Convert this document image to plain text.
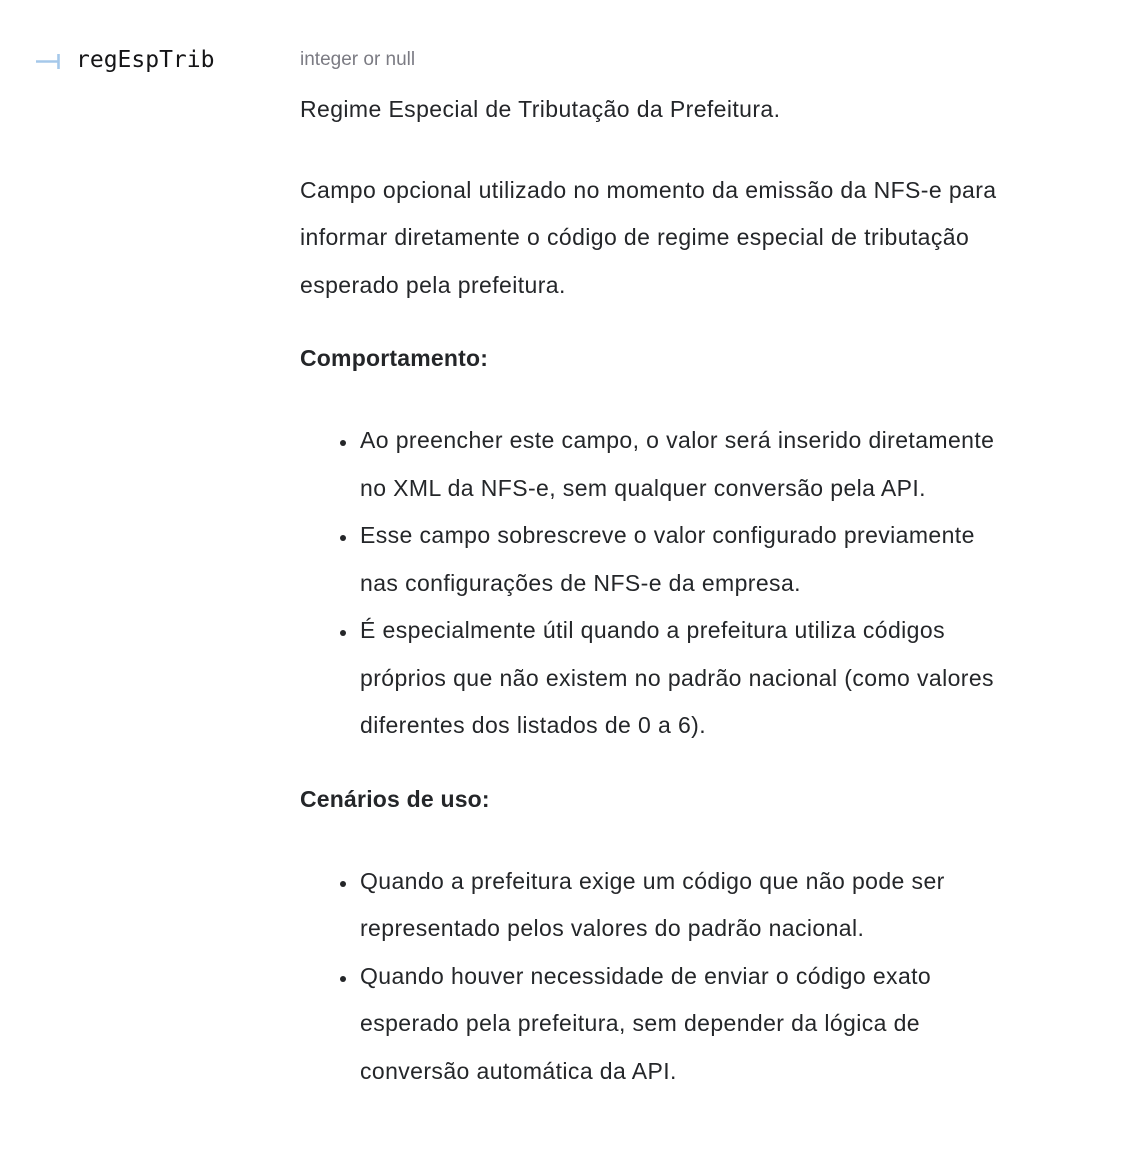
regEspTrib	integer or null

Regime Especial de Tributação da Prefeitura.

Campo opcional utilizado no momento da emissão da NFS-e para informar diretamente o código de regime especial de tributação esperado pela prefeitura.

Comportamento:
• Ao preencher este campo, o valor será inserido diretamente no XML da NFS-e, sem qualquer conversão pela API.
• Esse campo sobrescreve o valor configurado previamente nas configurações de NFS-e da empresa.
• É especialmente útil quando a prefeitura utiliza códigos próprios que não existem no padrão nacional (como valores diferentes dos listados de 0 a 6).
Cenários de uso:
• Quando a prefeitura exige um código que não pode ser representado pelos valores do padrão nacional.
• Quando houver necessidade de enviar o código exato esperado pela prefeitura, sem depender da lógica de conversão automática da API.
